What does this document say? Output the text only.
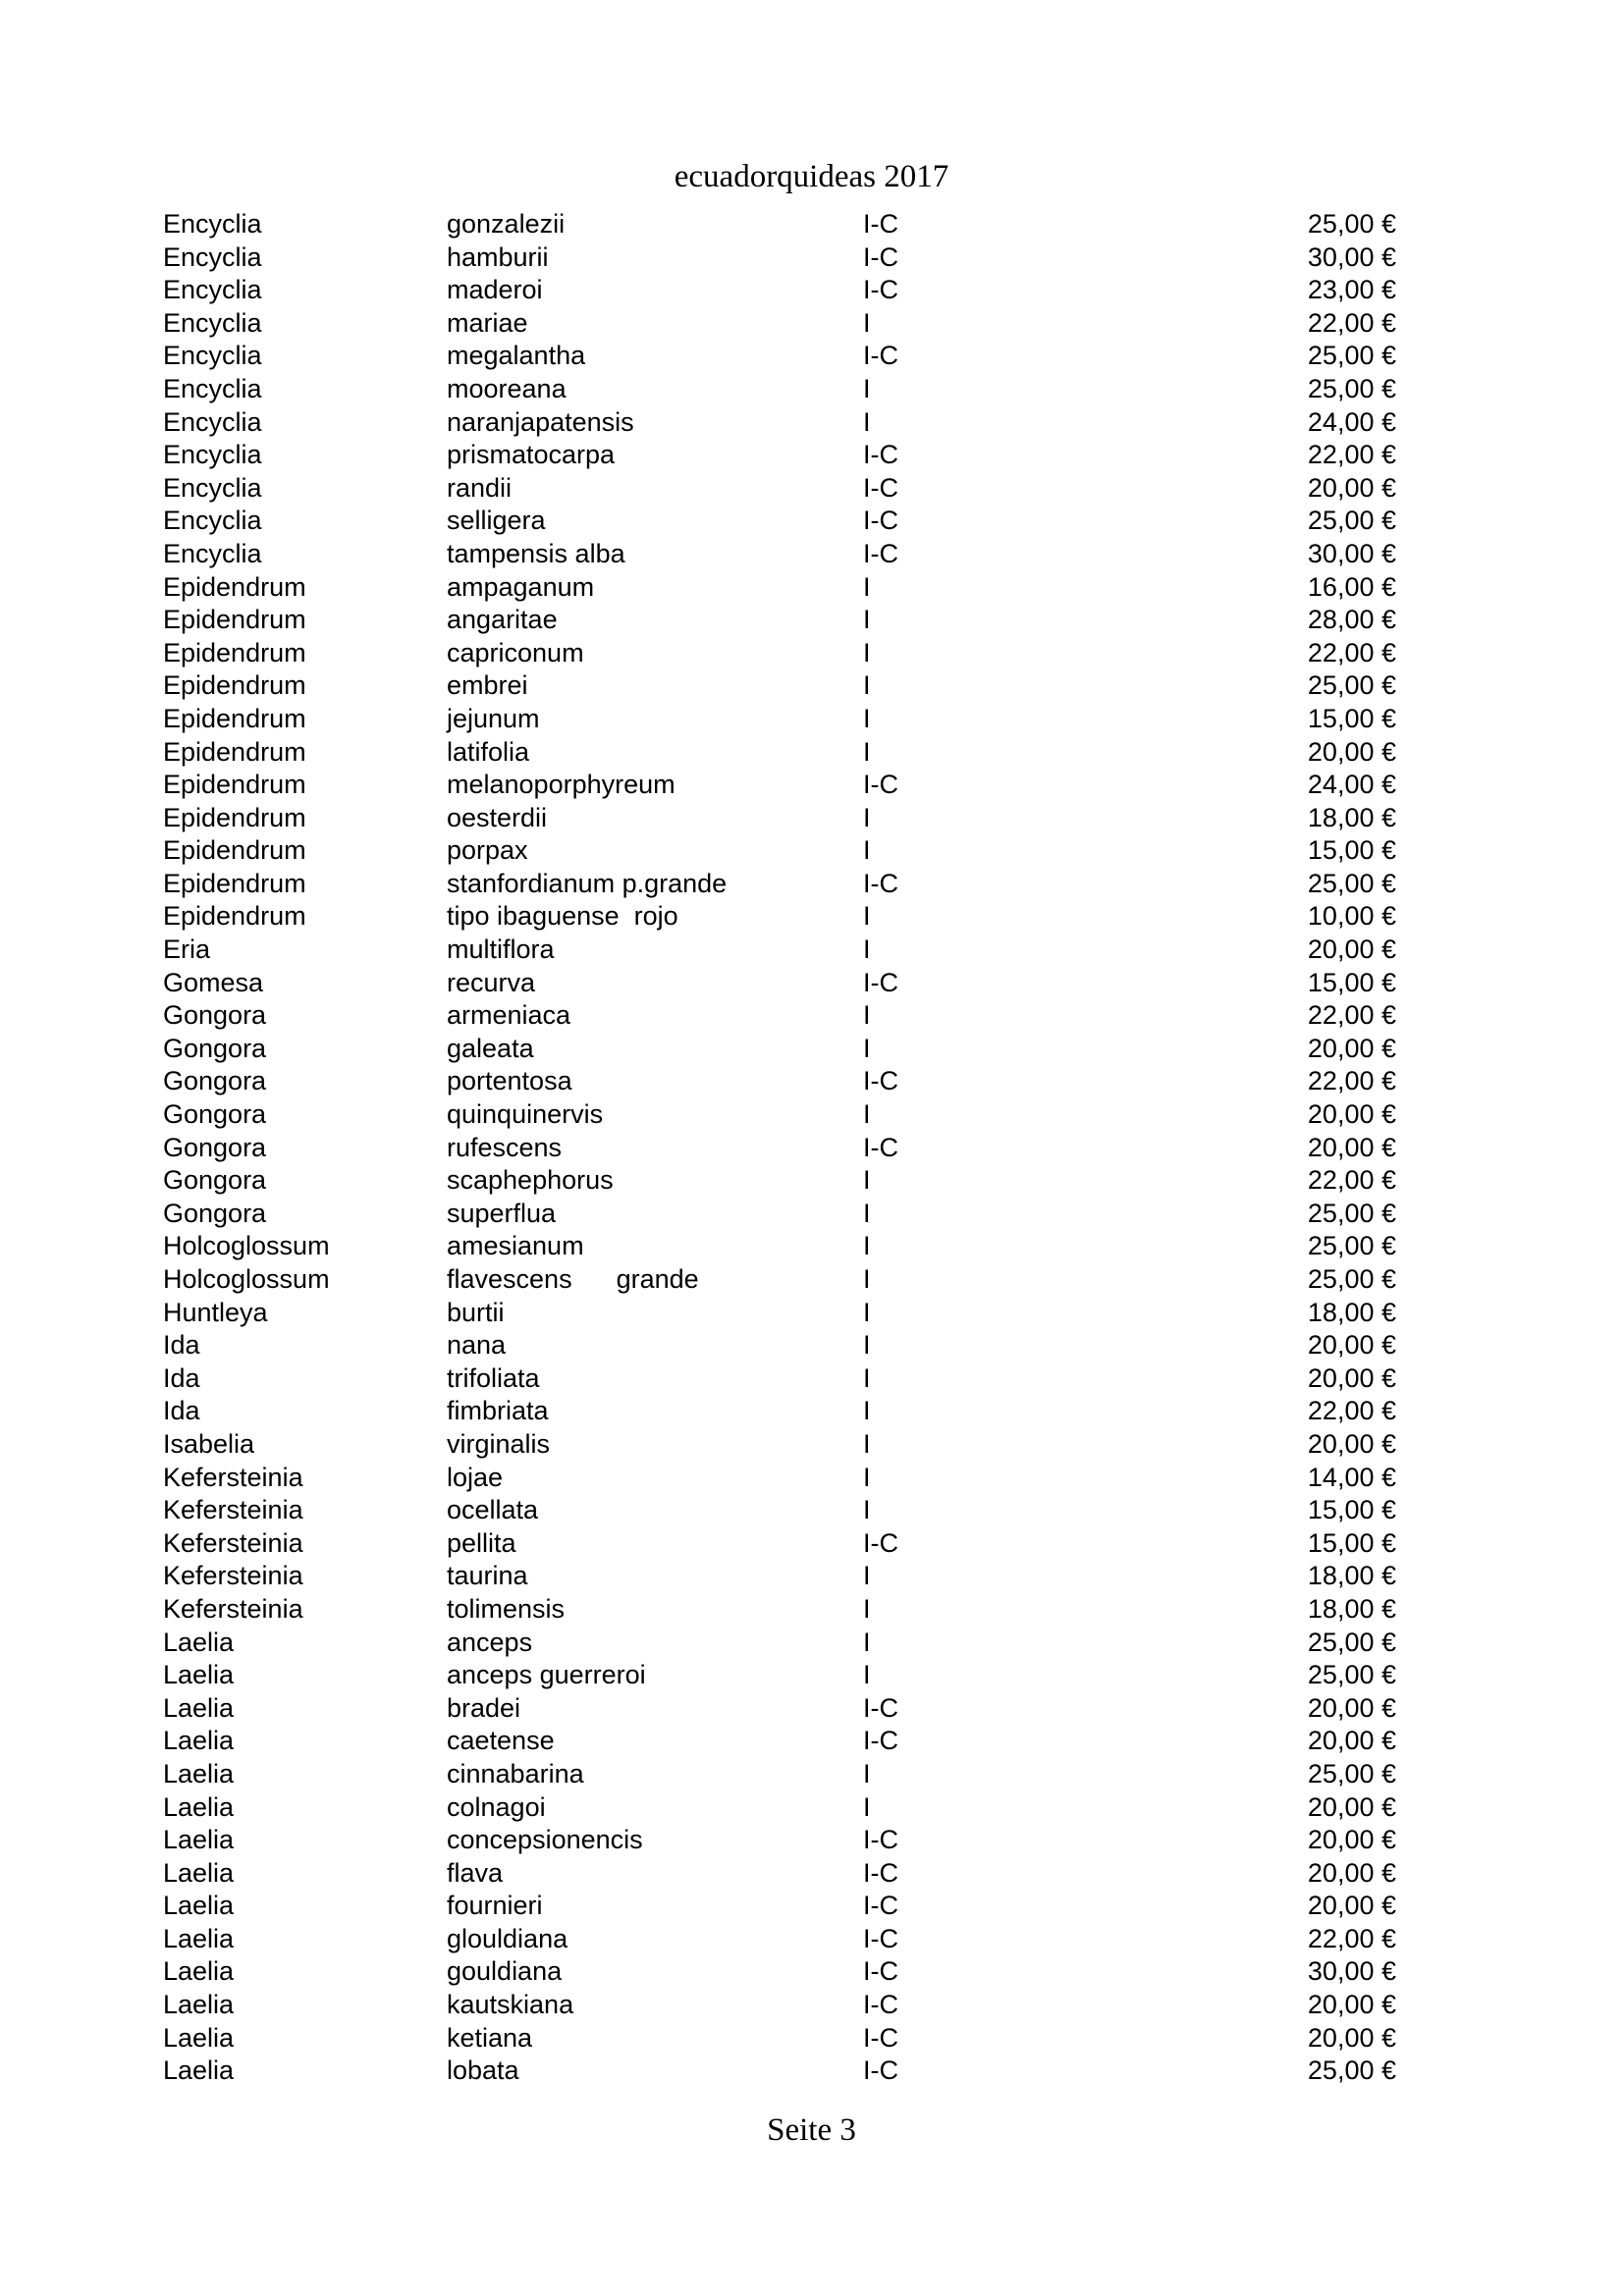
ecuadorquideas 2017
Encyclia	gonzalezii	I-C	25,00 €
Encyclia	hamburii	I-C	30,00 €
Encyclia	maderoi	I-C	23,00 €
Encyclia	mariae	I	22,00 €
Encyclia	megalantha	I-C	25,00 €
Encyclia	mooreana	I	25,00 €
Encyclia	naranjapatensis	I	24,00 €
Encyclia	prismatocarpa	I-C	22,00 €
Encyclia	randii	I-C	20,00 €
Encyclia	selligera	I-C	25,00 €
Encyclia	tampensis alba	I-C	30,00 €
Epidendrum	ampaganum	I	16,00 €
Epidendrum	angaritae	I	28,00 €
Epidendrum	capriconum	I	22,00 €
Epidendrum	embrei	I	25,00 €
Epidendrum	jejunum	I	15,00 €
Epidendrum	latifolia	I	20,00 €
Epidendrum	melanoporphyreum	I-C	24,00 €
Epidendrum	oesterdii	I	18,00 €
Epidendrum	porpax	I	15,00 €
Epidendrum	stanfordianum p.grande	I-C	25,00 €
Epidendrum	tipo ibaguense  rojo	I	10,00 €
Eria	multiflora	I	20,00 €
Gomesa	recurva	I-C	15,00 €
Gongora	armeniaca	I	22,00 €
Gongora	galeata	I	20,00 €
Gongora	portentosa	I-C	22,00 €
Gongora	quinquinervis	I	20,00 €
Gongora	rufescens	I-C	20,00 €
Gongora	scaphephorus	I	22,00 €
Gongora	superflua	I	25,00 €
Holcoglossum	amesianum	I	25,00 €
Holcoglossum	flavescens      grande	I	25,00 €
Huntleya	burtii	I	18,00 €
Ida	nana	I	20,00 €
Ida	trifoliata	I	20,00 €
Ida	fimbriata	I	22,00 €
Isabelia	virginalis	I	20,00 €
Kefersteinia	lojae	I	14,00 €
Kefersteinia	ocellata	I	15,00 €
Kefersteinia	pellita	I-C	15,00 €
Kefersteinia	taurina	I	18,00 €
Kefersteinia	tolimensis	I	18,00 €
Laelia	anceps	I	25,00 €
Laelia	anceps guerreroi	I	25,00 €
Laelia	bradei	I-C	20,00 €
Laelia	caetense	I-C	20,00 €
Laelia	cinnabarina	I	25,00 €
Laelia	colnagoi	I	20,00 €
Laelia	concepsionencis	I-C	20,00 €
Laelia	flava	I-C	20,00 €
Laelia	fournieri	I-C	20,00 €
Laelia	glouldiana	I-C	22,00 €
Laelia	gouldiana	I-C	30,00 €
Laelia	kautskiana	I-C	20,00 €
Laelia	ketiana	I-C	20,00 €
Laelia	lobata	I-C	25,00 €
Seite 3
